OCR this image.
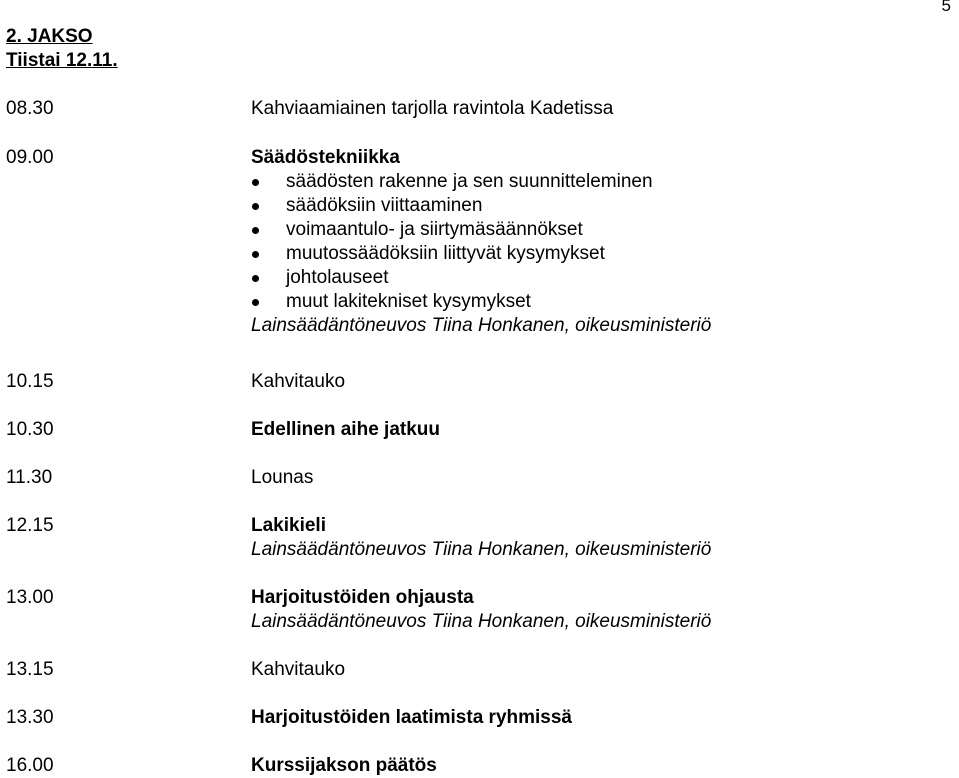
5
2. JAKSO
Tiistai 12.11.
08.30	Kahviaamiainen tarjolla ravintola Kadetissa
09.00	Säädöstekniikka
säädösten rakenne ja sen suunnitteleminen
säädöksiin viittaaminen
voimaantulo- ja siirtymäsäännökset
muutossäädöksiin liittyvät kysymykset
johtolauseet
muut lakitekniset kysymykset
Lainsäädäntöneuvos Tiina Honkanen, oikeusministeriö
10.15	Kahvitauko
10.30	Edellinen aihe jatkuu
11.30	Lounas
12.15	Lakikieli
Lainsäädäntöneuvos Tiina Honkanen, oikeusministeriö
13.00	Harjoitustöiden ohjausta
Lainsäädäntöneuvos Tiina Honkanen, oikeusministeriö
13.15	Kahvitauko
13.30	Harjoitustöiden laatimista ryhmissä
16.00	Kurssijakson päätös
